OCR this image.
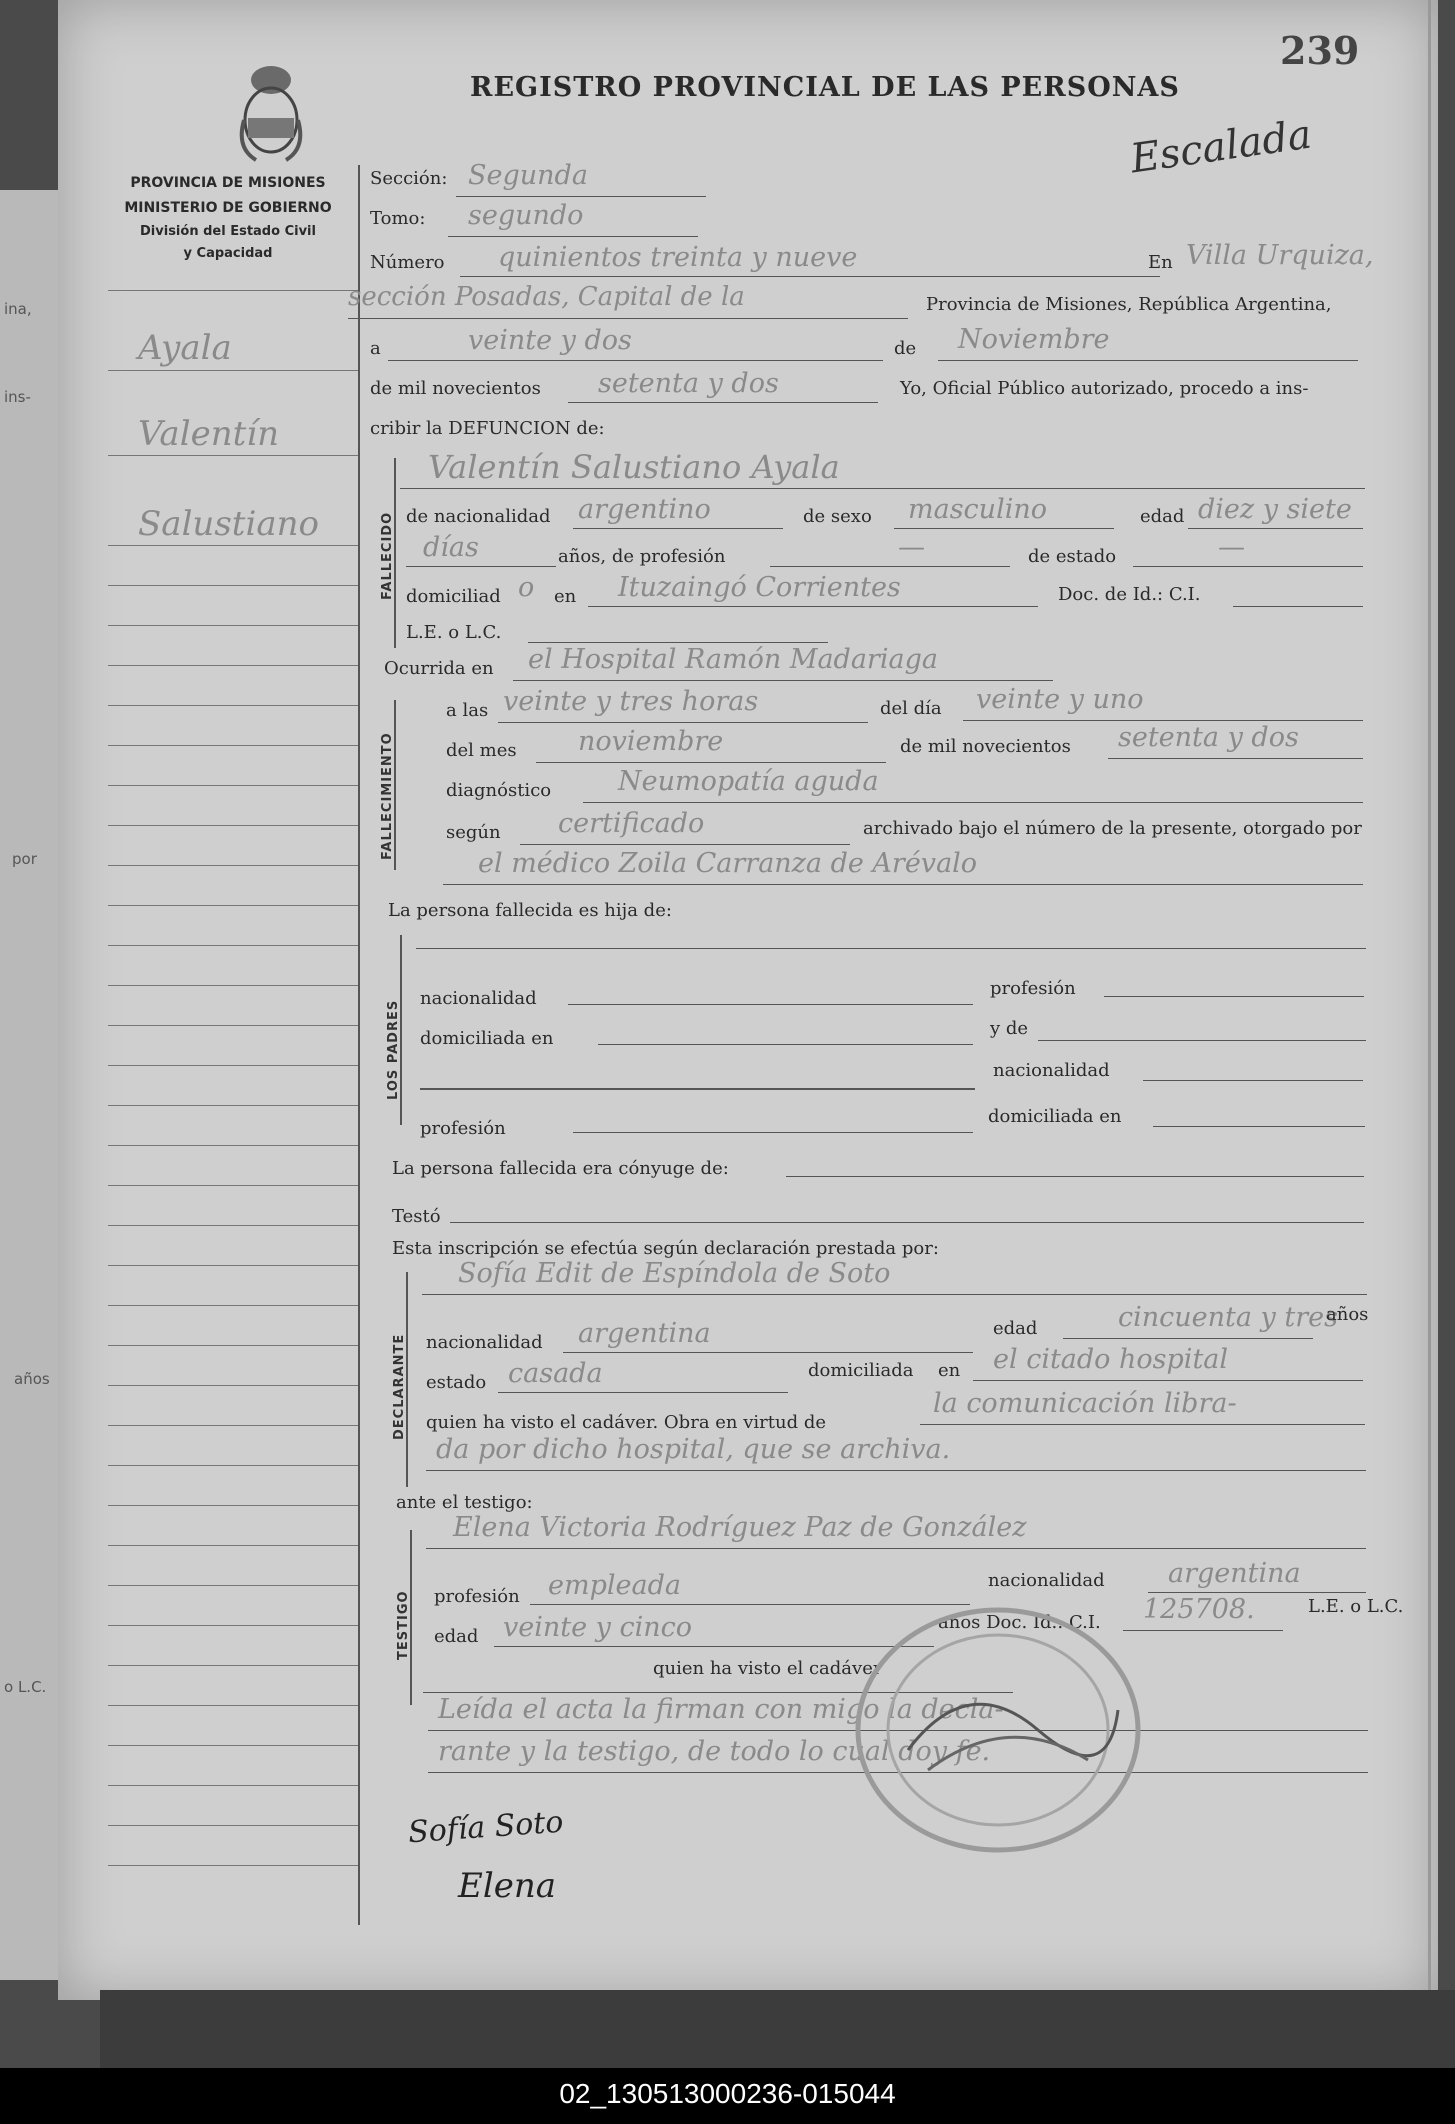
ina,
ins-
por
años
o L.C.
REGISTRO PROVINCIAL DE LAS PERSONAS
239
Escalada
PROVINCIA DE MISIONES
MINISTERIO DE GOBIERNO
División del Estado Civil
y Capacidad
Ayala
Valentín
Salustiano
Sección: Segunda
Tomo: segundo
Número quinientos treinta y nueve	En Villa Urquiza,
sección Posadas, Capital de la	Provincia de Misiones, República Argentina,
a	veinte y dos	de Noviembre
de mil novecientos setenta y dos	Yo, Oficial Público autorizado, procedo a ins-
cribir la DEFUNCION de:
FALLECIDO
Valentín Salustiano Ayala
de nacionalidad argentino	de sexo masculino	edad diez y siete
días	años, de profesión	—	de estado	—
domiciliad o en Ituzaingó Corrientes	Doc. de Id.: C.I.
L.E. o L.C.
Ocurrida en el Hospital Ramón Madariaga
FALLECIMIENTO
a las veinte y tres horas	del día veinte y uno
del mes noviembre	de mil novecientos setenta y dos
diagnóstico Neumopatía aguda
según certificado	archivado bajo el número de la presente, otorgado por
el médico Zoila Carranza de Arévalo
La persona fallecida es hija de:
LOS PADRES
nacionalidad	profesión
domiciliada en	y de
nacionalidad
profesión
domiciliada en
La persona fallecida era cónyuge de:
Testó
Esta inscripción se efectúa según declaración prestada por:
DECLARANTE
Sofía Edit de Espíndola de Soto
nacionalidad argentina	edad	cincuenta y tres
años
estado casada	domiciliada en el citado hospital
quien ha visto el cadáver. Obra en virtud de
la comunicación libra-
da por dicho hospital, que se archiva.
ante el testigo:
TESTIGO
Elena Victoria Rodríguez Paz de González
profesión empleada	nacionalidad argentina
edad veinte y cinco	años Doc. Id.: C.I. 125708.	L.E. o L.C.
quien ha visto el cadáver
Leída el acta la firman con migo la decla-
rante y la testigo, de todo lo cual doy fe.
Sofía Soto
Elena
02_130513000236-015044
